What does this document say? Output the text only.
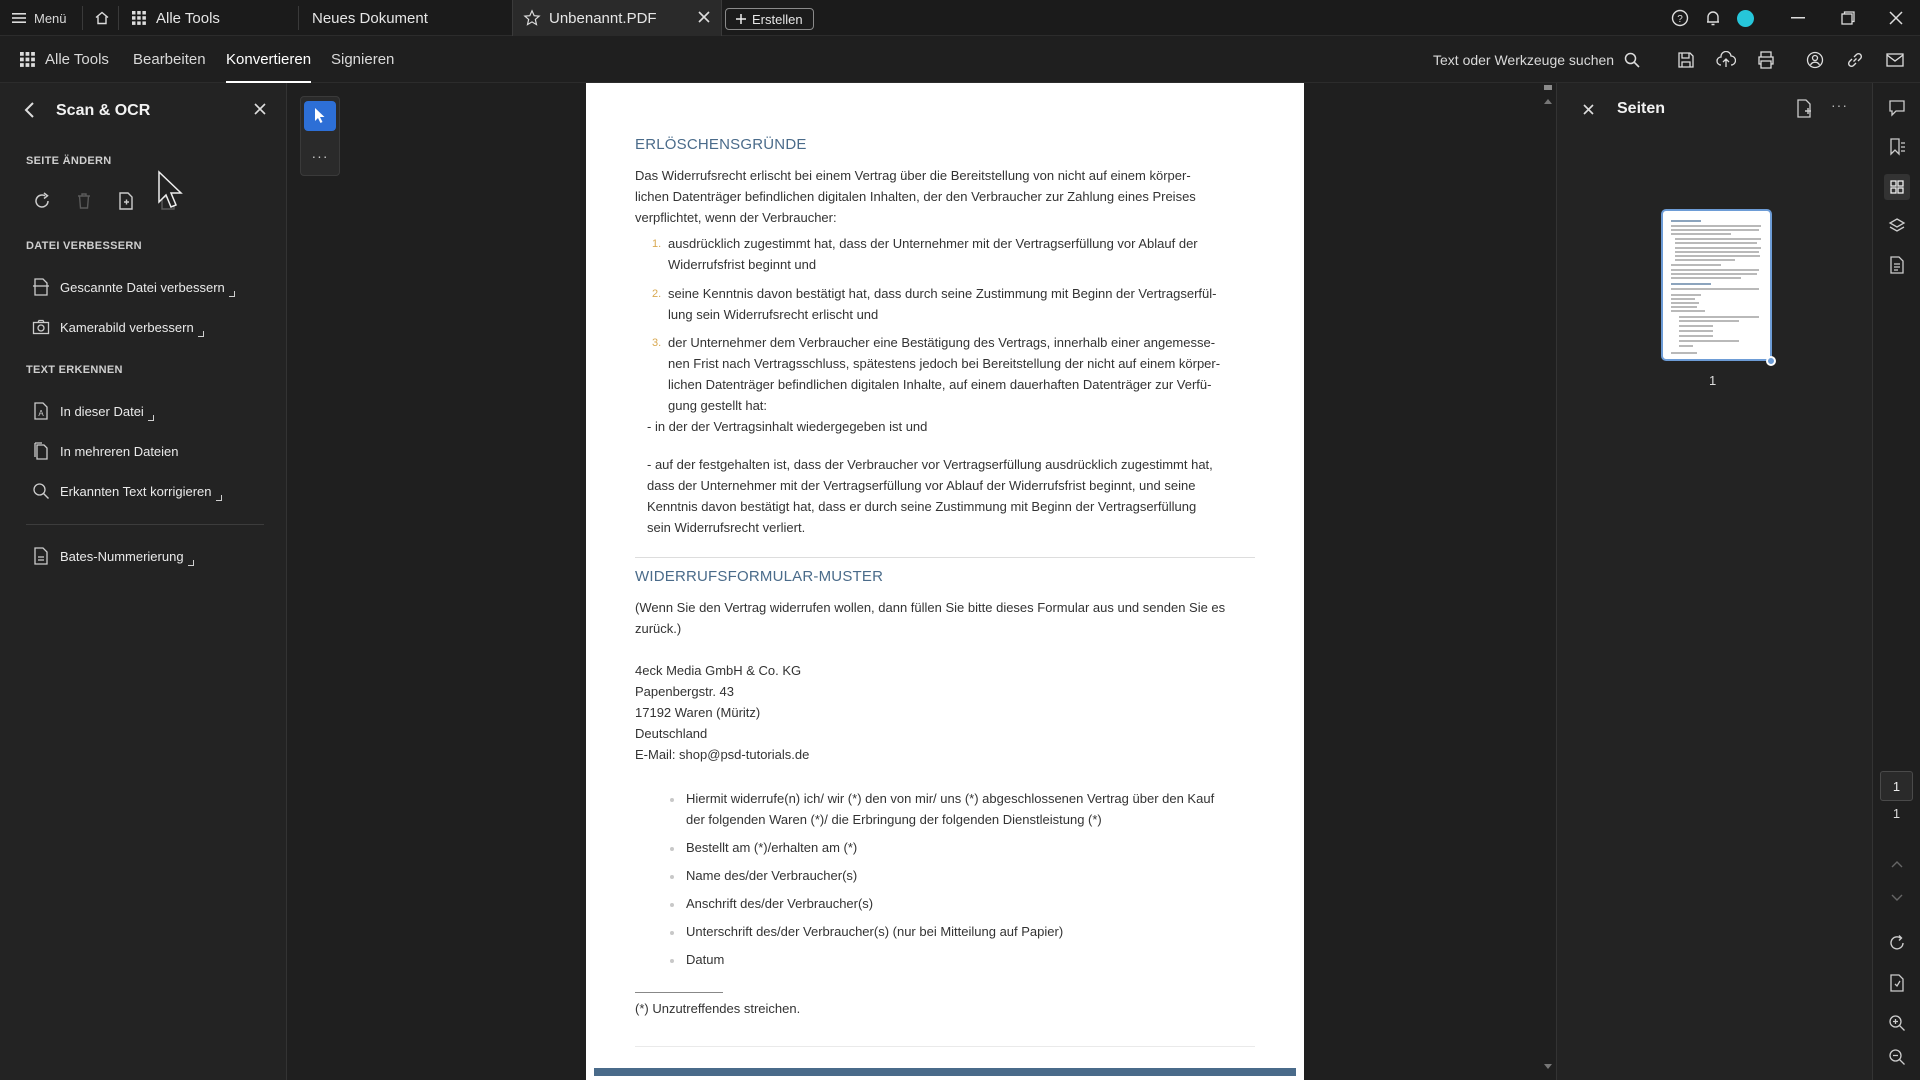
Menü	Alle Tools	Neues Dokument	Unbenannt.PDF	Erstellen	?
Alle Tools Bearbeiten Konvertieren Signieren	Text oder Werkzeuge suchen
Scan & OCR
SEITE ÄNDERN
DATEI VERBESSERN
Gescannte Datei verbessern
Kamerabild verbessern
TEXT ERKENNEN
A In dieser Datei
In mehreren Dateien
Erkannten Text korrigieren
Bates-Nummerierung
···
ERLÖSCHENSGRÜNDE
Das Widerrufsrecht erlischt bei einem Vertrag über die Bereitstellung von nicht auf einem körper-
lichen Datenträger befindlichen digitalen Inhalten, der den Verbraucher zur Zahlung eines Preises
verpflichtet, wenn der Verbraucher:
1. ausdrücklich zugestimmt hat, dass der Unternehmer mit der Vertragserfüllung vor Ablauf der
Widerrufsfrist beginnt und
2. seine Kenntnis davon bestätigt hat, dass durch seine Zustimmung mit Beginn der Vertragserfül-
lung sein Widerrufsrecht erlischt und
3. der Unternehmer dem Verbraucher eine Bestätigung des Vertrags, innerhalb einer angemesse-
nen Frist nach Vertragsschluss, spätestens jedoch bei Bereitstellung der nicht auf einem körper-
lichen Datenträger befindlichen digitalen Inhalte, auf einem dauerhaften Datenträger zur Verfü-
gung gestellt hat:
- in der der Vertragsinhalt wiedergegeben ist und
- auf der festgehalten ist, dass der Verbraucher vor Vertragserfüllung ausdrücklich zugestimmt hat,
dass der Unternehmer mit der Vertragserfüllung vor Ablauf der Widerrufsfrist beginnt, und seine
Kenntnis davon bestätigt hat, dass er durch seine Zustimmung mit Beginn der Vertragserfüllung
sein Widerrufsrecht verliert.
WIDERRUFSFORMULAR-MUSTER
(Wenn Sie den Vertrag widerrufen wollen, dann füllen Sie bitte dieses Formular aus und senden Sie es
zurück.)
4eck Media GmbH & Co. KG
Papenbergstr. 43
17192 Waren (Müritz)
Deutschland
E-Mail: shop@psd-tutorials.de
Hiermit widerrufe(n) ich/ wir (*) den von mir/ uns (*) abgeschlossenen Vertrag über den Kauf
der folgenden Waren (*)/ die Erbringung der folgenden Dienstleistung (*)
Bestellt am (*)/erhalten am (*)
Name des/der Verbraucher(s)
Anschrift des/der Verbraucher(s)
Unterschrift des/der Verbraucher(s) (nur bei Mitteilung auf Papier)
Datum
(*) Unzutreffendes streichen.
Seiten	···
1
1
1
